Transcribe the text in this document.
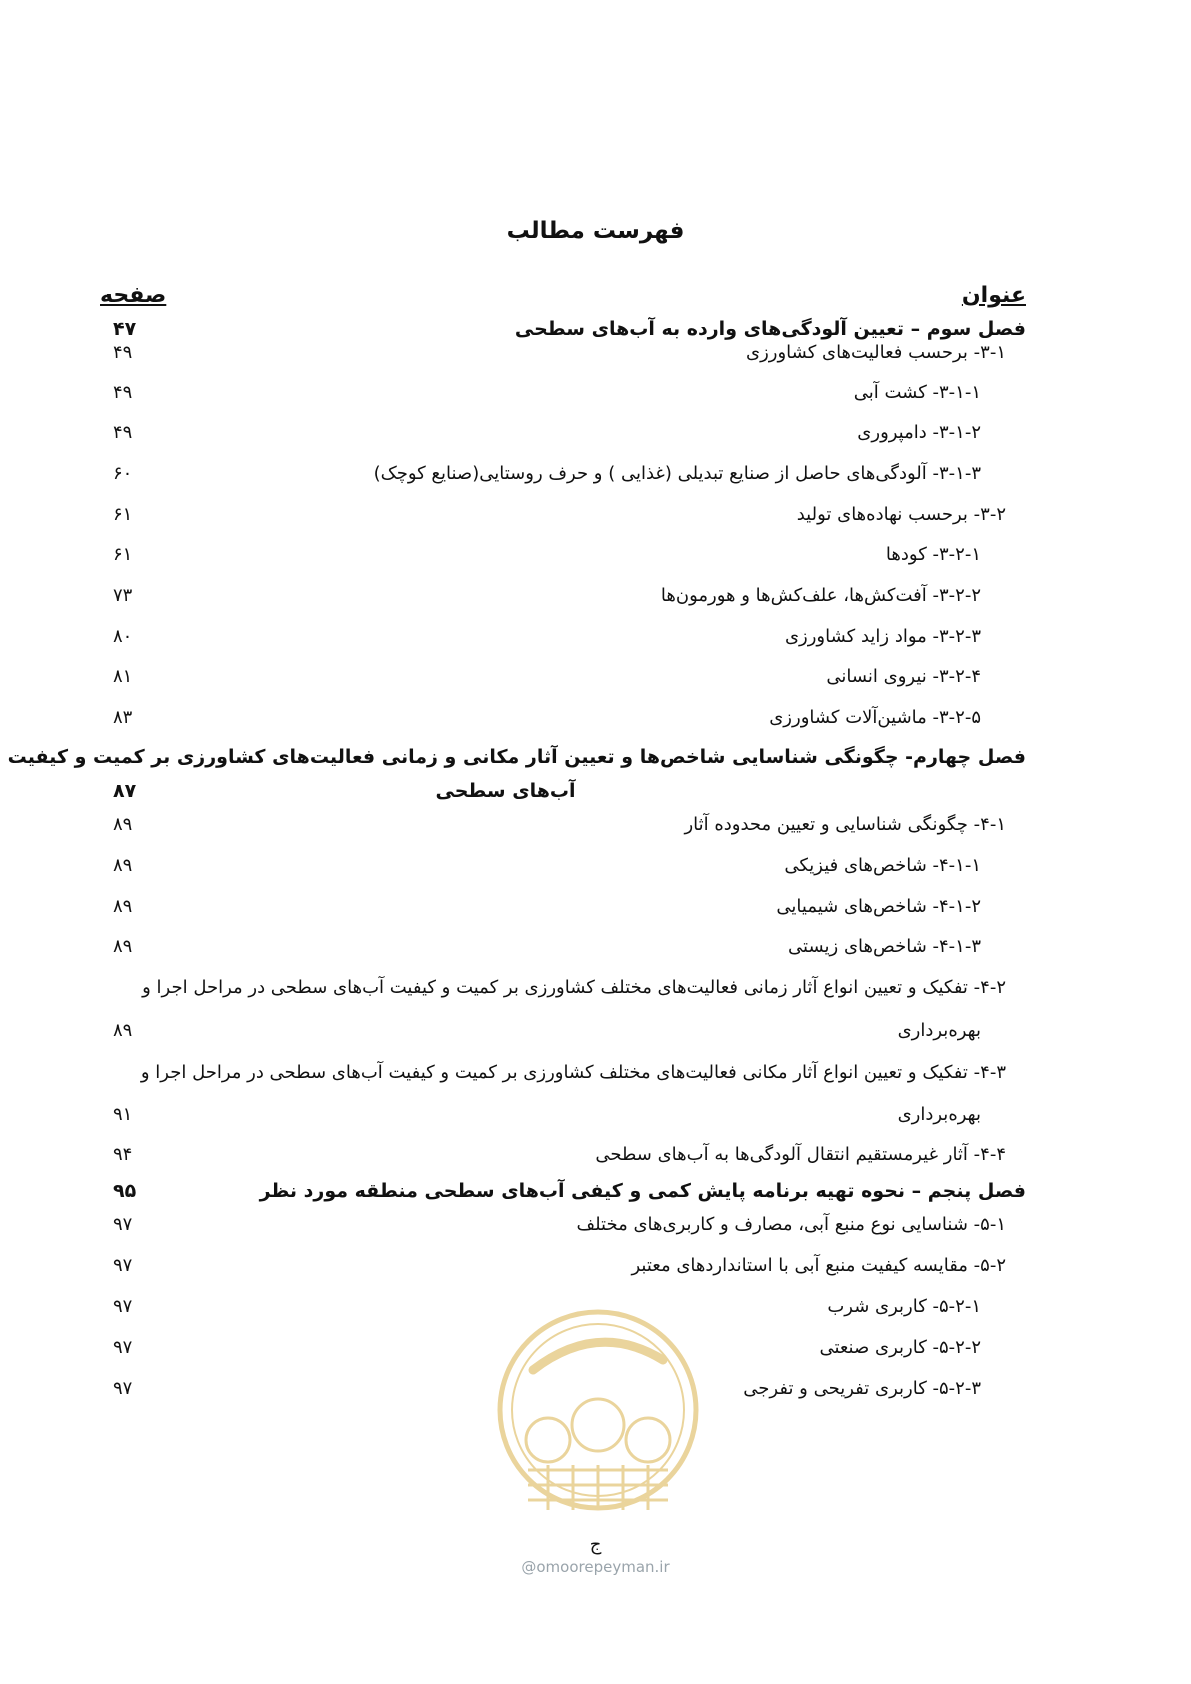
فهرست مطالب
عنوان
صفحه
فصل سوم – تعیین آلودگی‌های وارده به آب‌های سطحی
۴۷
۳-۱- برحسب فعالیت‌های کشاورزی
۴۹
۳-۱-۱- کشت آبی
۴۹
۳-۱-۲- دامپروری
۴۹
۳-۱-۳- آلودگی‌های حاصل از صنایع تبدیلی (غذایی ) و حرف روستایی(صنایع کوچک)
۶۰
۳-۲- برحسب نهاده‌های تولید
۶۱
۳-۲-۱- کودها
۶۱
۳-۲-۲- آفت‌کش‌ها، علف‌کش‌ها و هورمون‌ها
۷۳
۳-۲-۳- مواد زاید کشاورزی
۸۰
۳-۲-۴- نیروی انسانی
۸۱
۳-۲-۵- ماشین‌آلات کشاورزی
۸۳
فصل چهارم- چگونگی شناسایی شاخص‌ها و تعیین آثار مکانی و زمانی فعالیت‌های کشاورزی بر کمیت و کیفیت
آب‌های سطحی
۸۷
۴-۱- چگونگی شناسایی و تعیین محدوده آثار
۸۹
۴-۱-۱- شاخص‌های فیزیکی
۸۹
۴-۱-۲- شاخص‌های شیمیایی
۸۹
۴-۱-۳- شاخص‌های زیستی
۸۹
۴-۲- تفکیک و تعیین انواع آثار زمانی فعالیت‌های مختلف کشاورزی بر کمیت و کیفیت آب‌های سطحی در مراحل اجرا و
بهره‌برداری
۸۹
۴-۳- تفکیک و تعیین انواع آثار مکانی فعالیت‌های مختلف کشاورزی بر کمیت و کیفیت آب‌های سطحی در مراحل اجرا و
بهره‌برداری
۹۱
۴-۴- آثار غیرمستقیم انتقال آلودگی‌ها به آب‌های سطحی
۹۴
فصل پنجم – نحوه تهیه برنامه پایش کمی و کیفی آب‌های سطحی منطقه مورد نظر
۹۵
۵-۱- شناسایی نوع منبع آبی، مصارف و کاربری‌های مختلف
۹۷
۵-۲- مقایسه کیفیت منبع آبی با استانداردهای معتبر
۹۷
۵-۲-۱- کاربری شرب
۹۷
۵-۲-۲- کاربری صنعتی
۹۷
۵-۲-۳- کاربری تفریحی و تفرجی
۹۷
ج
@omoorepeyman.ir
